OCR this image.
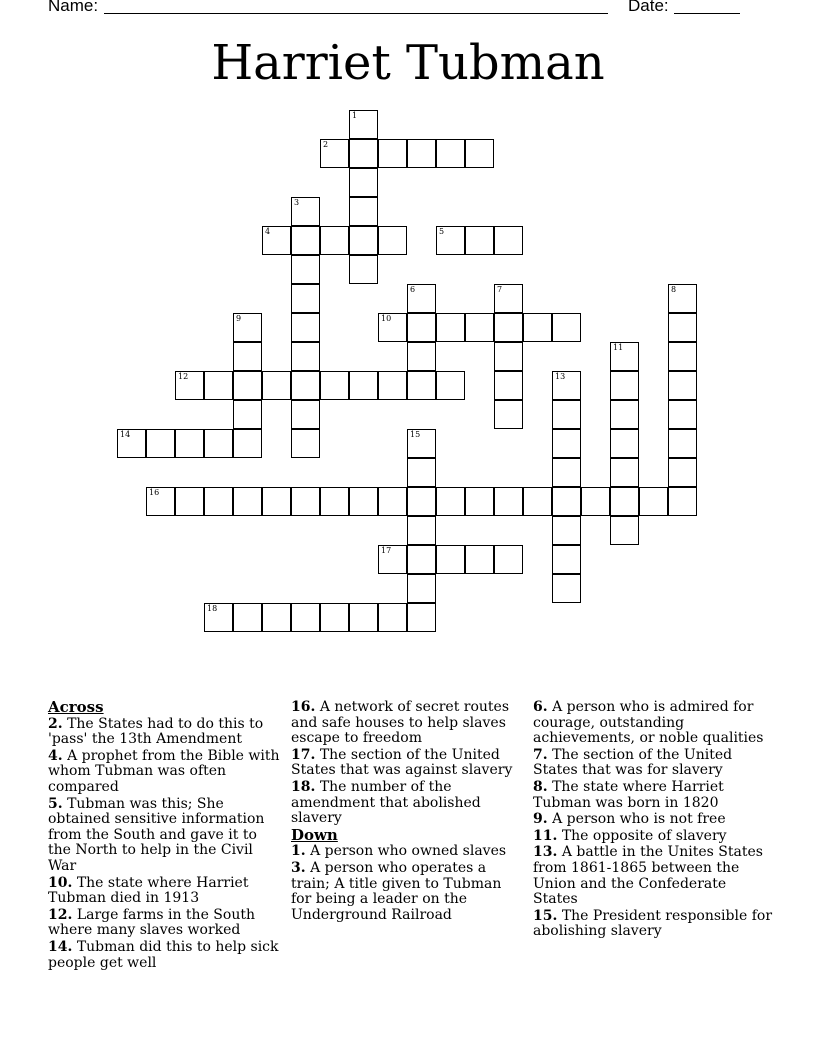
Name:	Date:
Harriet Tubman
1
2
3
4	5
6	7	8
9	10
11
12	13
14	15
16
17
18
Across
2. The States had to do this to 'pass' the 13th Amendment
4. A prophet from the Bible with whom Tubman was often compared
5. Tubman was this; She obtained sensitive information from the South and gave it to the North to help in the Civil War
10. The state where Harriet Tubman died in 1913
12. Large farms in the South where many slaves worked
14. Tubman did this to help sick people get well
16. A network of secret routes and safe houses to help slaves escape to freedom
17. The section of the United States that was against slavery
18. The number of the amendment that abolished slavery
Down
1. A person who owned slaves
3. A person who operates a train; A title given to Tubman for being a leader on the Underground Railroad
6. A person who is admired for courage, outstanding achievements, or noble qualities
7. The section of the United States that was for slavery
8. The state where Harriet Tubman was born in 1820
9. A person who is not free
11. The opposite of slavery
13. A battle in the Unites States from 1861-1865 between the Union and the Confederate States
15. The President responsible for abolishing slavery
